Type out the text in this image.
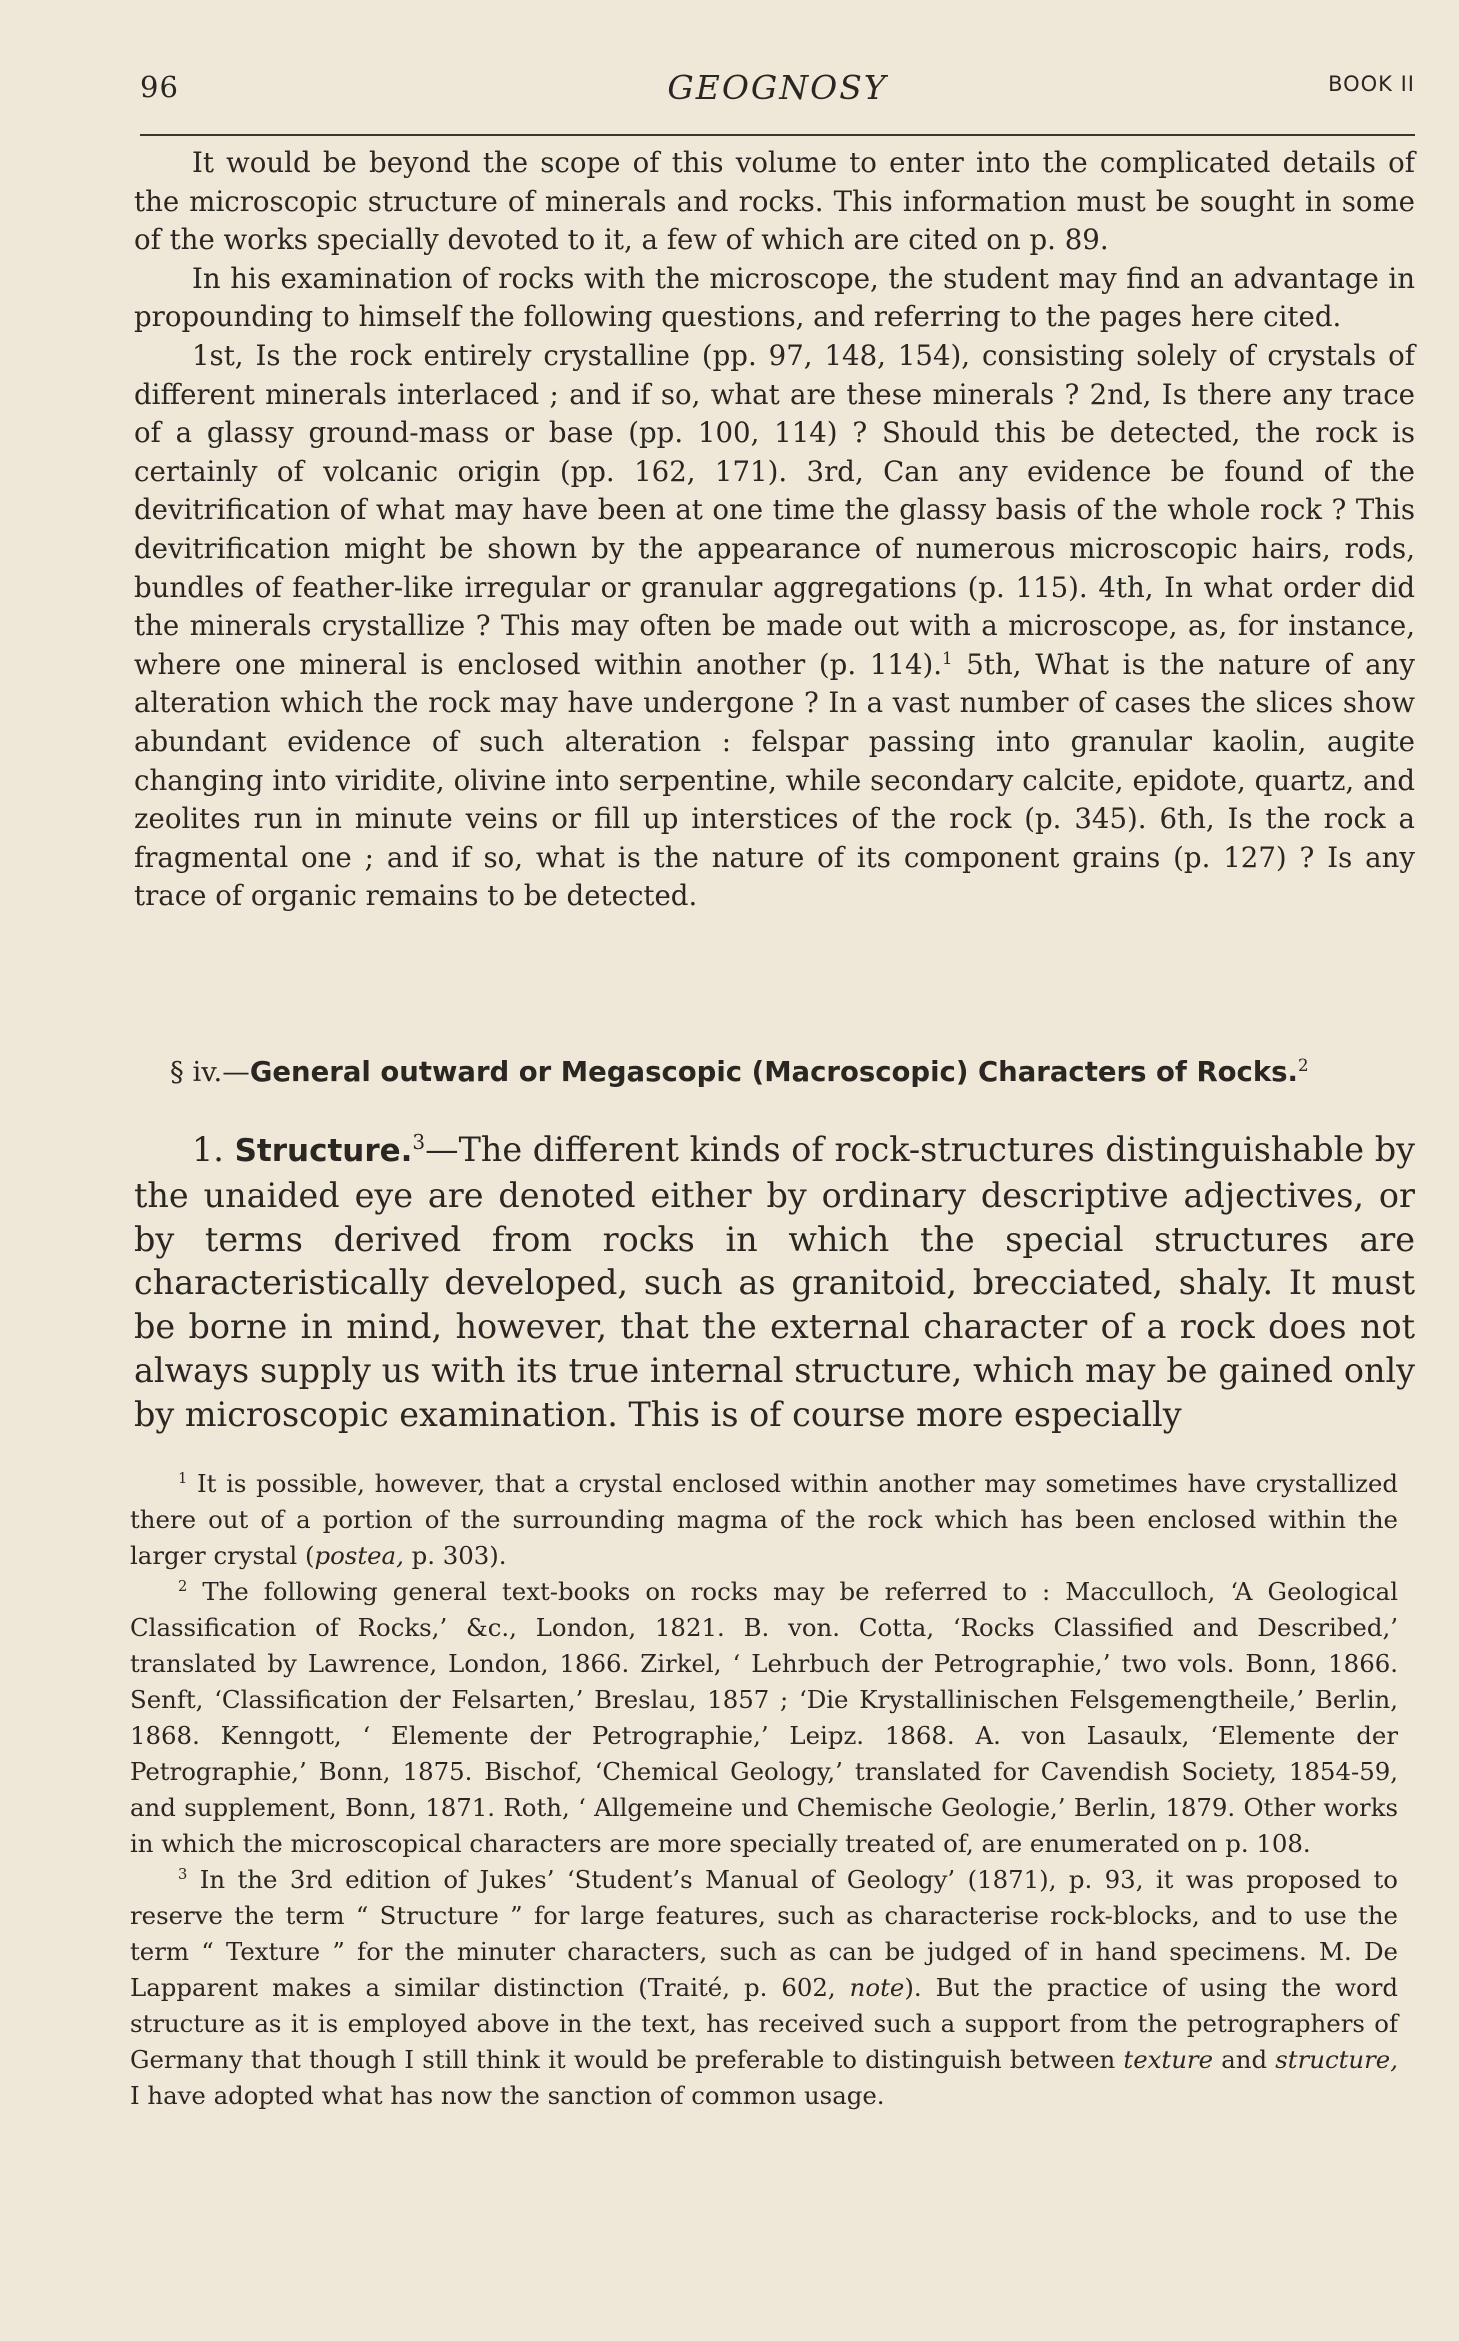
96	GEOGNOSY	BOOK II

It would be beyond the scope of this volume to enter into the complicated details of the microscopic structure of minerals and rocks. This information must be sought in some of the works specially devoted to it, a few of which are cited on p. 89.

In his examination of rocks with the microscope, the student may find an advantage in propounding to himself the following questions, and referring to the pages here cited.

1st, Is the rock entirely crystalline (pp. 97, 148, 154), consisting solely of crystals of different minerals interlaced ; and if so, what are these minerals ? 2nd, Is there any trace of a glassy ground-mass or base (pp. 100, 114) ? Should this be detected, the rock is certainly of volcanic origin (pp. 162, 171). 3rd, Can any evidence be found of the devitrification of what may have been at one time the glassy basis of the whole rock ? This devitrification might be shown by the appearance of numerous microscopic hairs, rods, bundles of feather-like irregular or granular aggregations (p. 115). 4th, In what order did the minerals crystallize ? This may often be made out with a microscope, as, for instance, where one mineral is enclosed within another (p. 114).$^1$ 5th, What is the nature of any alteration which the rock may have undergone ? In a vast number of cases the slices show abundant evidence of such alteration : felspar passing into granular kaolin, augite changing into viridite, olivine into serpentine, while secondary calcite, epidote, quartz, and zeolites run in minute veins or fill up interstices of the rock (p. 345). 6th, Is the rock a fragmental one ; and if so, what is the nature of its component grains (p. 127) ? Is any trace of organic remains to be detected.

§ iv.—General outward or Megascopic (Macroscopic) Characters of Rocks.$^2$

1. Structure.$^3$—The different kinds of rock-structures distinguishable by the unaided eye are denoted either by ordinary descriptive adjectives, or by terms derived from rocks in which the special structures are characteristically developed, such as granitoid, brecciated, shaly. It must be borne in mind, however, that the external character of a rock does not always supply us with its true internal structure, which may be gained only by microscopic examination. This is of course more especially

$^1$ It is possible, however, that a crystal enclosed within another may sometimes have crystallized there out of a portion of the surrounding magma of the rock which has been enclosed within the larger crystal (postea, p. 303).

$^2$ The following general text-books on rocks may be referred to : Macculloch, ‘A Geological Classification of Rocks,’ &c., London, 1821. B. von. Cotta, ‘Rocks Classified and Described,’ translated by Lawrence, London, 1866. Zirkel, ‘ Lehrbuch der Petrographie,’ two vols. Bonn, 1866. Senft, ‘Classification der Felsarten,’ Breslau, 1857 ; ‘Die Krystallinischen Felsgemengtheile,’ Berlin, 1868. Kenngott, ‘ Elemente der Petrographie,’ Leipz. 1868. A. von Lasaulx, ‘Elemente der Petrographie,’ Bonn, 1875. Bischof, ‘Chemical Geology,’ translated for Cavendish Society, 1854-59, and supplement, Bonn, 1871. Roth, ‘ Allgemeine und Chemische Geologie,’ Berlin, 1879. Other works in which the microscopical characters are more specially treated of, are enumerated on p. 108.

$^3$ In the 3rd edition of Jukes’ ‘Student’s Manual of Geology’ (1871), p. 93, it was proposed to reserve the term “ Structure ” for large features, such as characterise rock-blocks, and to use the term “ Texture ” for the minuter characters, such as can be judged of in hand specimens. M. De Lapparent makes a similar distinction (Traité, p. 602, note). But the practice of using the word structure as it is employed above in the text, has received such a support from the petrographers of Germany that though I still think it would be preferable to distinguish between texture and structure, I have adopted what has now the sanction of common usage.
